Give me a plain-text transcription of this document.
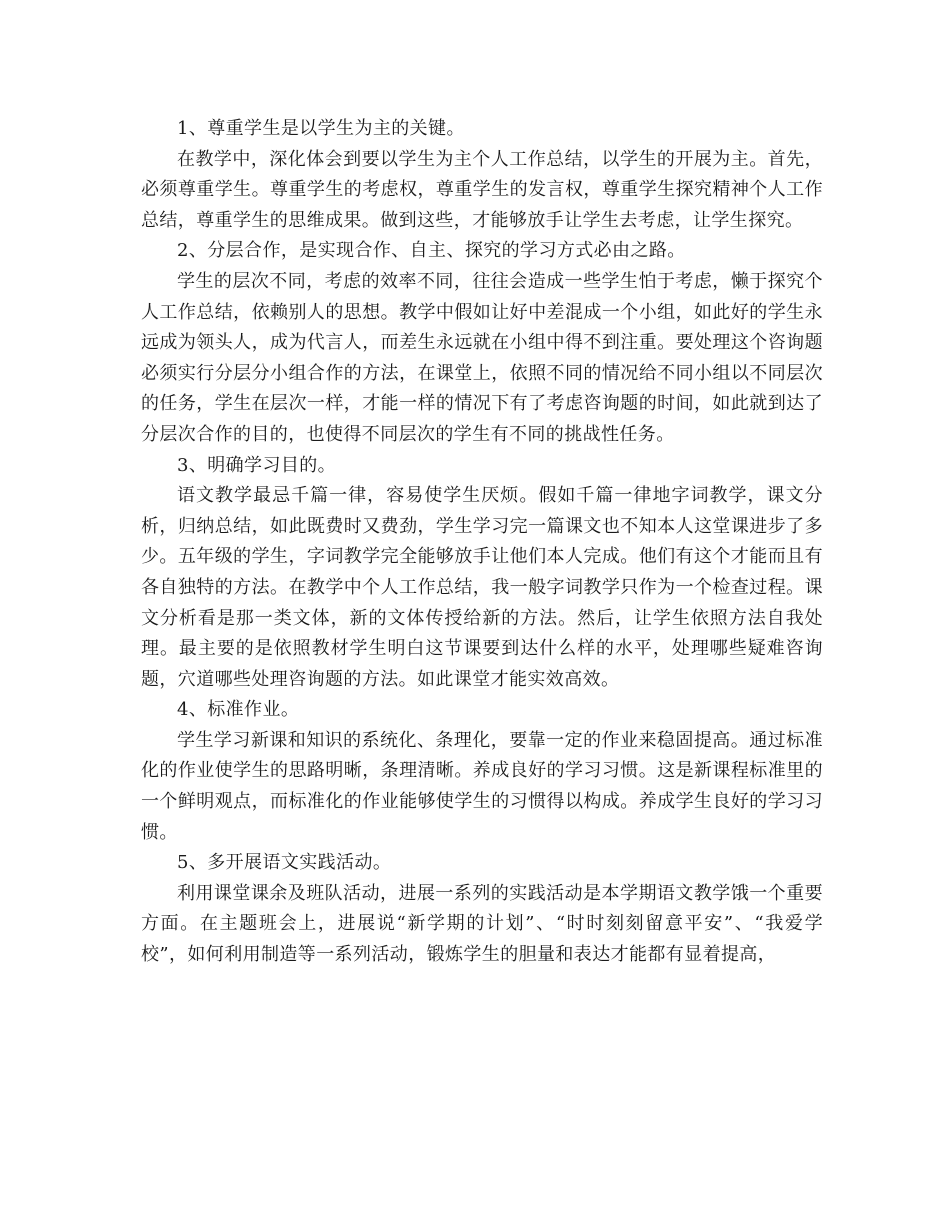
1、尊重学生是以学生为主的关键。

在教学中，深化体会到要以学生为主个人工作总结，以学生的开展为主。首先，必须尊重学生。尊重学生的考虑权，尊重学生的发言权，尊重学生探究精神个人工作总结，尊重学生的思维成果。做到这些，才能够放手让学生去考虑，让学生探究。

2、分层合作，是实现合作、自主、探究的学习方式必由之路。

学生的层次不同，考虑的效率不同，往往会造成一些学生怕于考虑，懒于探究个人工作总结，依赖别人的思想。教学中假如让好中差混成一个小组，如此好的学生永远成为领头人，成为代言人，而差生永远就在小组中得不到注重。要处理这个咨询题必须实行分层分小组合作的方法，在课堂上，依照不同的情况给不同小组以不同层次的任务，学生在层次一样，才能一样的情况下有了考虑咨询题的时间，如此就到达了分层次合作的目的，也使得不同层次的学生有不同的挑战性任务。

3、明确学习目的。

语文教学最忌千篇一律，容易使学生厌烦。假如千篇一律地字词教学，课文分析，归纳总结，如此既费时又费劲，学生学习完一篇课文也不知本人这堂课进步了多少。五年级的学生，字词教学完全能够放手让他们本人完成。他们有这个才能而且有各自独特的方法。在教学中个人工作总结，我一般字词教学只作为一个检查过程。课文分析看是那一类文体，新的文体传授给新的方法。然后，让学生依照方法自我处理。最主要的是依照教材学生明白这节课要到达什么样的水平，处理哪些疑难咨询题，穴道哪些处理咨询题的方法。如此课堂才能实效高效。

4、标准作业。

学生学习新课和知识的系统化、条理化，要靠一定的作业来稳固提高。通过标准化的作业使学生的思路明晰，条理清晰。养成良好的学习习惯。这是新课程标准里的一个鲜明观点，而标准化的作业能够使学生的习惯得以构成。养成学生良好的学习习惯。

5、多开展语文实践活动。

利用课堂课余及班队活动，进展一系列的实践活动是本学期语文教学饿一个重要方面。在主题班会上，进展说“新学期的计划”、“时时刻刻留意平安”、“我爱学校”，如何利用制造等一系列活动，锻炼学生的胆量和表达才能都有显着提高，
